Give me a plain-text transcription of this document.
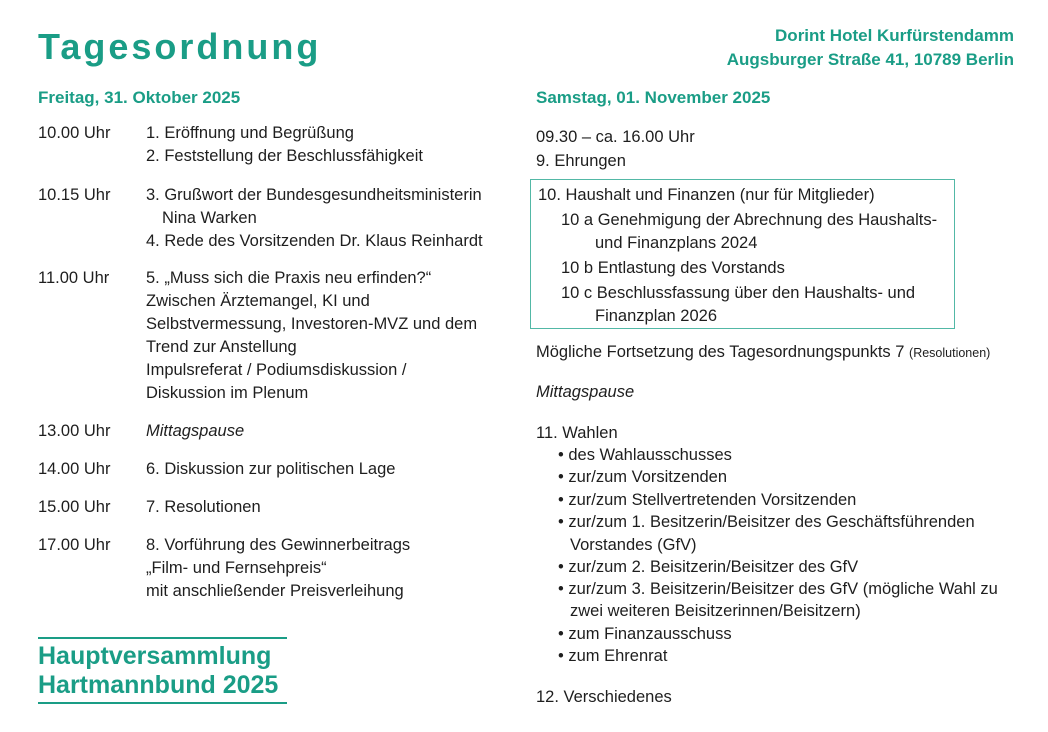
Tagesordnung	Dorint Hotel Kurfürstendamm
Augsburger Straße 41, 10789 Berlin
Freitag, 31. Oktober 2025
10.00 Uhr 1. Eröffnung und Begrüßung
2. Feststellung der Beschlussfähigkeit
10.15 Uhr 3. Grußwort der Bundesgesundheitsministerin
Nina Warken
4. Rede des Vorsitzenden Dr. Klaus Reinhardt
11.00 Uhr 5. „Muss sich die Praxis neu erfinden?“
Zwischen Ärztemangel, KI und
Selbstvermessung, Investoren-MVZ und dem
Trend zur Anstellung
Impulsreferat / Podiumsdiskussion /
Diskussion im Plenum
13.00 Uhr Mittagspause
14.00 Uhr 6. Diskussion zur politischen Lage
15.00 Uhr 7. Resolutionen
17.00 Uhr 8. Vorführung des Gewinnerbeitrags
„Film- und Fernsehpreis“
mit anschließender Preisverleihung
Samstag, 01. November 2025
09.30 – ca. 16.00 Uhr
9. Ehrungen
10. Haushalt und Finanzen (nur für Mitglieder)
10 a Genehmigung der Abrechnung des Haushalts-
und Finanzplans 2024
10 b Entlastung des Vorstands
10 c Beschlussfassung über den Haushalts- und
Finanzplan 2026
Mögliche Fortsetzung des Tagesordnungspunkts 7 (Resolutionen)
Mittagspause
11. Wahlen
• des Wahlausschusses
• zur/zum Vorsitzenden
• zur/zum Stellvertretenden Vorsitzenden
• zur/zum 1. Besitzerin/Beisitzer des Geschäftsführenden
Vorstandes (GfV)
• zur/zum 2. Beisitzerin/Beisitzer des GfV
• zur/zum 3. Beisitzerin/Beisitzer des GfV (mögliche Wahl zu
zwei weiteren Beisitzerinnen/Beisitzern)
• zum Finanzausschuss
• zum Ehrenrat
12. Verschiedenes
Hauptversammlung
Hartmannbund 2025
